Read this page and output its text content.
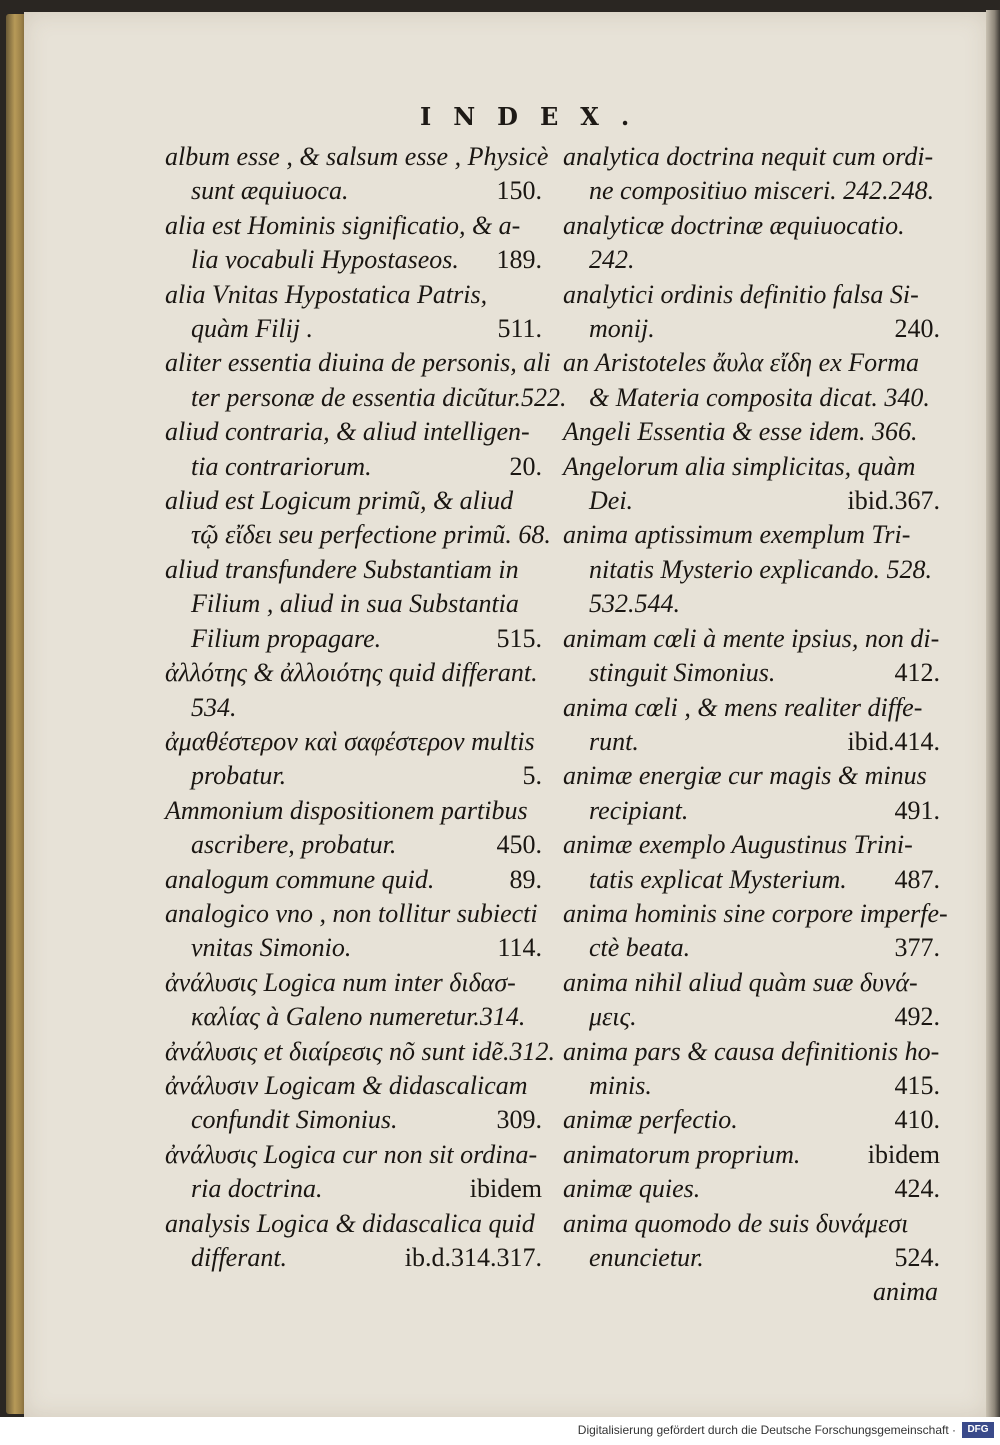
INDEX.
album esse , & salsum esse , Physicè
sunt æquiuoca.	150.
alia est Hominis significatio, & a-
lia vocabuli Hypostaseos. 189.
alia Vnitas Hypostatica Patris,
quàm Filij .	511.
aliter essentia diuina de personis, ali
ter personæ de essentia dicũtur.522.
aliud contraria, & aliud intelligen-
tia contrariorum.	20.
aliud est Logicum primũ, & aliud
τῷ εἴδει seu perfectione primũ. 68.
aliud transfundere Substantiam in
Filium , aliud in sua Substantia
Filium propagare.	515.
ἀλλότης & ἀλλοιότης quid differant.
534.
ἀμαθέστερον καὶ σαφέστερον multis
probatur.	5.
Ammonium dispositionem partibus
ascribere, probatur.	450.
analogum commune quid.	89.
analogico vno , non tollitur subiecti
vnitas Simonio.	114.
ἀνάλυσις Logica num inter διδασ-
καλίας à Galeno numeretur.314.
ἀνάλυσις et διαίρεσις nõ sunt idẽ.312.
ἀνάλυσιν Logicam & didascalicam
confundit Simonius.	309.
ἀνάλυσις Logica cur non sit ordina-
ria doctrina.	ibidem
analysis Logica & didascalica quid
differant.	ib.d.314.317.
analytica doctrina nequit cum ordi-
ne compositiuo misceri. 242.248.
analyticæ doctrinæ æquiuocatio.
242.
analytici ordinis definitio falsa Si-
monij.	240.
an Aristoteles ἄυλα εἴδη ex Forma
& Materia composita dicat. 340.
Angeli Essentia & esse idem. 366.
Angelorum alia simplicitas, quàm
Dei.	ibid.367.
anima aptissimum exemplum Tri-
nitatis Mysterio explicando. 528.
532.544.
animam cœli à mente ipsius, non di-
stinguit Simonius.	412.
anima cœli , & mens realiter diffe-
runt.	ibid.414.
animæ energiæ cur magis & minus
recipiant.	491.
animæ exemplo Augustinus Trini-
tatis explicat Mysterium. 487.
anima hominis sine corpore imperfe-
ctè beata.	377.
anima nihil aliud quàm suæ δυνά-
μεις.	492.
anima pars & causa definitionis ho-
minis.	415.
animæ perfectio.	410.
animatorum proprium.	ibidem
animæ quies.	424.
anima quomodo de suis δυνάμεσι
enuncietur.	524.
anima
Digitalisierung gefördert durch die Deutsche Forschungsgemeinschaft ·	DFG
